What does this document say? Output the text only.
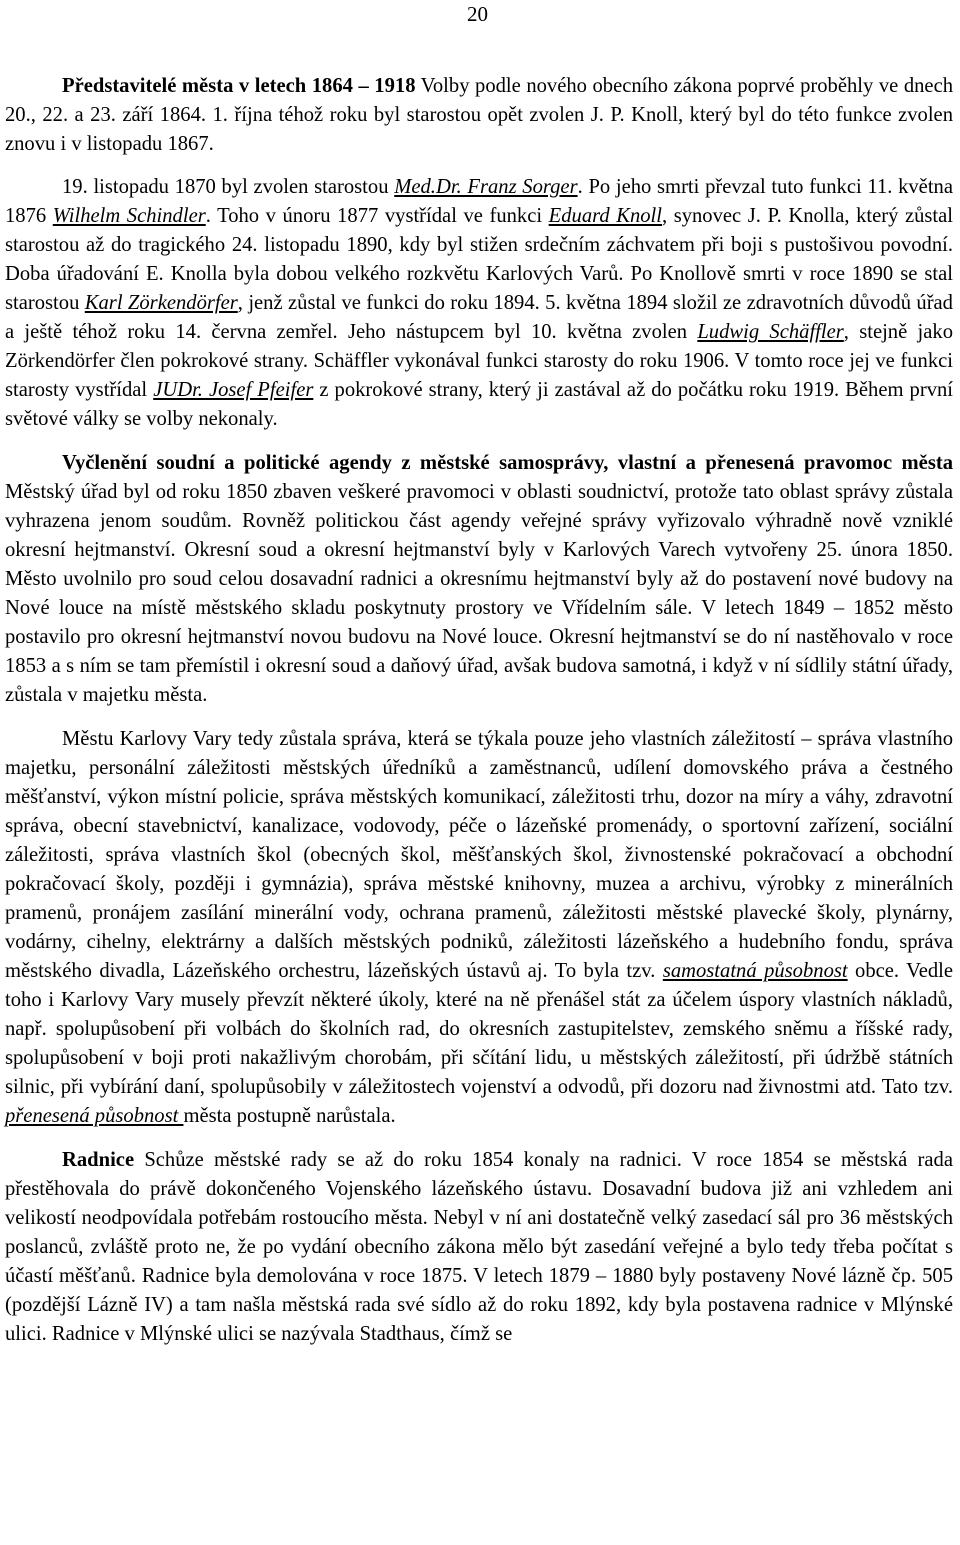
20

Představitelé města v letech 1864 – 1918 Volby podle nového obecního zákona poprvé proběhly ve dnech 20., 22. a 23. září 1864. 1. října téhož roku byl starostou opět zvolen J. P. Knoll, který byl do této funkce zvolen znovu i v listopadu 1867.

19. listopadu 1870 byl zvolen starostou Med.Dr. Franz Sorger. Po jeho smrti převzal tuto funkci 11. května 1876 Wilhelm Schindler. Toho v únoru 1877 vystřídal ve funkci Eduard Knoll, synovec J. P. Knolla, který zůstal starostou až do tragického 24. listopadu 1890, kdy byl stižen srdečním záchvatem při boji s pustošivou povodní. Doba úřadování E. Knolla byla dobou velkého rozkvětu Karlových Varů. Po Knollově smrti v roce 1890 se stal starostou Karl Zörkendörfer, jenž zůstal ve funkci do roku 1894. 5. května 1894 složil ze zdravotních důvodů úřad a ještě téhož roku 14. června zemřel. Jeho nástupcem byl 10. května zvolen Ludwig Schäffler, stejně jako Zörkendörfer člen pokrokové strany. Schäffler vykonával funkci starosty do roku 1906. V tomto roce jej ve funkci starosty vystřídal JUDr. Josef Pfeifer z pokrokové strany, který ji zastával až do počátku roku 1919. Během první světové války se volby nekonaly.

Vyčlenění soudní a politické agendy z městské samosprávy, vlastní a přenesená pravomoc města Městský úřad byl od roku 1850 zbaven veškeré pravomoci v oblasti soudnictví, protože tato oblast správy zůstala vyhrazena jenom soudům. Rovněž politickou část agendy veřejné správy vyřizovalo výhradně nově vzniklé okresní hejtmanství. Okresní soud a okresní hejtmanství byly v Karlových Varech vytvořeny 25. února 1850. Město uvolnilo pro soud celou dosavadní radnici a okresnímu hejtmanství byly až do postavení nové budovy na Nové louce na místě městského skladu poskytnuty prostory ve Vřídelním sále. V letech 1849 – 1852 město postavilo pro okresní hejtmanství novou budovu na Nové louce. Okresní hejtmanství se do ní nastěhovalo v roce 1853 a s ním se tam přemístil i okresní soud a daňový úřad, avšak budova samotná, i když v ní sídlily státní úřady, zůstala v majetku města.

Městu Karlovy Vary tedy zůstala správa, která se týkala pouze jeho vlastních záležitostí – správa vlastního majetku, personální záležitosti městských úředníků a zaměstnanců, udílení domovského práva a čestného měšťanství, výkon místní policie, správa městských komunikací, záležitosti trhu, dozor na míry a váhy, zdravotní správa, obecní stavebnictví, kanalizace, vodovody, péče o lázeňské promenády, o sportovní zařízení, sociální záležitosti, správa vlastních škol (obecných škol, měšťanských škol, živnostenské pokračovací a obchodní pokračovací školy, později i gymnázia), správa městské knihovny, muzea a archivu, výrobky z minerálních pramenů, pronájem zasílání minerální vody, ochrana pramenů, záležitosti městské plavecké školy, plynárny, vodárny, cihelny, elektrárny a dalších městských podniků, záležitosti lázeňského a hudebního fondu, správa městského divadla, Lázeňského orchestru, lázeňských ústavů aj. To byla tzv. samostatná působnost obce. Vedle toho i Karlovy Vary musely převzít některé úkoly, které na ně přenášel stát za účelem úspory vlastních nákladů, např. spolupůsobení při volbách do školních rad, do okresních zastupitelstev, zemského sněmu a říšské rady, spolupůsobení v boji proti nakažlivým chorobám, při sčítání lidu, u městských záležitostí, při údržbě státních silnic, při vybírání daní, spolupůsobily v záležitostech vojenství a odvodů, při dozoru nad živnostmi atd. Tato tzv. přenesená působnost města postupně narůstala.

Radnice Schůze městské rady se až do roku 1854 konaly na radnici. V roce 1854 se městská rada přestěhovala do právě dokončeného Vojenského lázeňského ústavu. Dosavadní budova již ani vzhledem ani velikostí neodpovídala potřebám rostoucího města. Nebyl v ní ani dostatečně velký zasedací sál pro 36 městských poslanců, zvláště proto ne, že po vydání obecního zákona mělo být zasedání veřejné a bylo tedy třeba počítat s účastí měšťanů. Radnice byla demolována v roce 1875. V letech 1879 – 1880 byly postaveny Nové lázně čp. 505 (pozdější Lázně IV) a tam našla městská rada své sídlo až do roku 1892, kdy byla postavena radnice v Mlýnské ulici. Radnice v Mlýnské ulici se nazývala Stadthaus, čímž se
